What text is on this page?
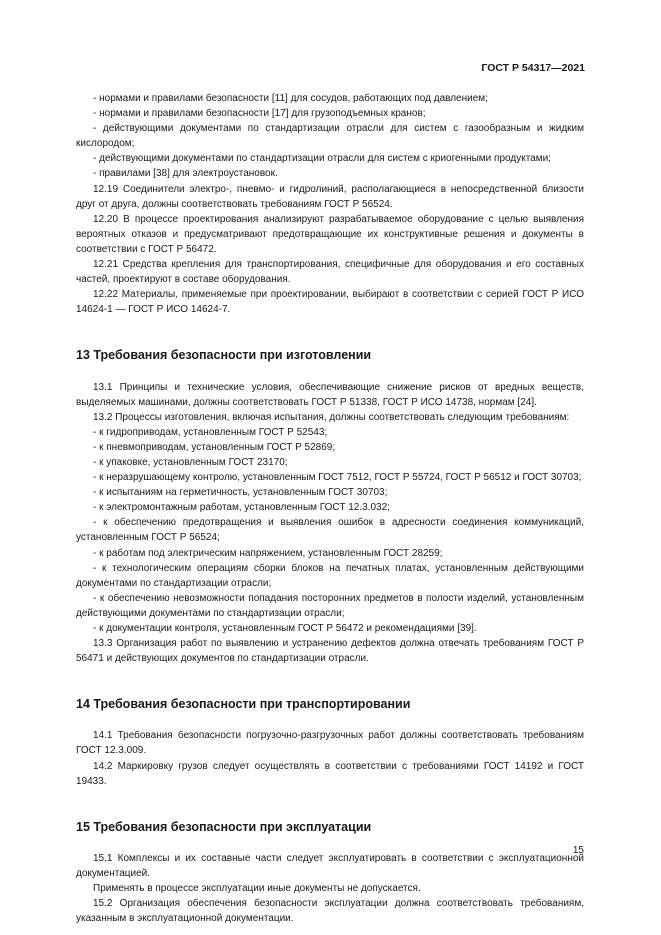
ГОСТ Р 54317—2021

- нормами и правилами безопасности [11] для сосудов, работающих под давлением;

- нормами и правилами безопасности [17] для грузоподъемных кранов;

- действующими документами по стандартизации отрасли для систем с газообразным и жидким кислородом;

- действующими документами по стандартизации отрасли для систем с криогенными продуктами;

- правилами [38] для электроустановок.

12.19 Соединители электро-, пневмо- и гидролиний, располагающиеся в непосредственной близости друг от друга, должны соответствовать требованиям ГОСТ Р 56524.

12.20 В процессе проектирования анализируют разрабатываемое оборудование с целью выявления вероятных отказов и предусматривают предотвращающие их конструктивные решения и документы в соответствии с ГОСТ Р 56472.

12.21 Средства крепления для транспортирования, специфичные для оборудования и его составных частей, проектируют в составе оборудования.

12.22 Материалы, применяемые при проектировании, выбирают в соответствии с серией ГОСТ Р ИСО 14624-1 — ГОСТ Р ИСО 14624-7.

13 Требования безопасности при изготовлении

13.1 Принципы и технические условия, обеспечивающие снижение рисков от вредных веществ, выделяемых машинами, должны соответствовать ГОСТ Р 51338, ГОСТ Р ИСО 14738, нормам [24].

13.2 Процессы изготовления, включая испытания, должны соответствовать следующим требованиям:

- к гидроприводам, установленным ГОСТ Р 52543;

- к пневмоприводам, установленным ГОСТ Р 52869;

- к упаковке, установленным ГОСТ 23170;

- к неразрушающему контролю, установленным ГОСТ 7512, ГОСТ Р 55724, ГОСТ Р 56512 и ГОСТ 30703;

- к испытаниям на герметичность, установленным ГОСТ 30703;

- к электромонтажным работам, установленным ГОСТ 12.3.032;

- к обеспечению предотвращения и выявления ошибок в адресности соединения коммуникаций, установленным ГОСТ Р 56524;

- к работам под электрическим напряжением, установленным ГОСТ 28259;

- к технологическим операциям сборки блоков на печатных платах, установленным действующими документами по стандартизации отрасли;

- к обеспечению невозможности попадания посторонних предметов в полости изделий, установленным действующими документами по стандартизации отрасли;

- к документации контроля, установленным ГОСТ Р 56472 и рекомендациями [39].

13.3 Организация работ по выявлению и устранению дефектов должна отвечать требованиям ГОСТ Р 56471 и действующих документов по стандартизации отрасли.

14 Требования безопасности при транспортировании

14.1 Требования безопасности погрузочно-разгрузочных работ должны соответствовать требованиям ГОСТ 12.3.009.

14.2 Маркировку грузов следует осуществлять в соответствии с требованиями ГОСТ 14192 и ГОСТ 19433.

15 Требования безопасности при эксплуатации

15.1 Комплексы и их составные части следует эксплуатировать в соответствии с эксплуатационной документацией.

Применять в процессе эксплуатации иные документы не допускается.

15.2 Организация обеспечения безопасности эксплуатации должна соответствовать требованиям, указанным в эксплуатационной документации.

15
